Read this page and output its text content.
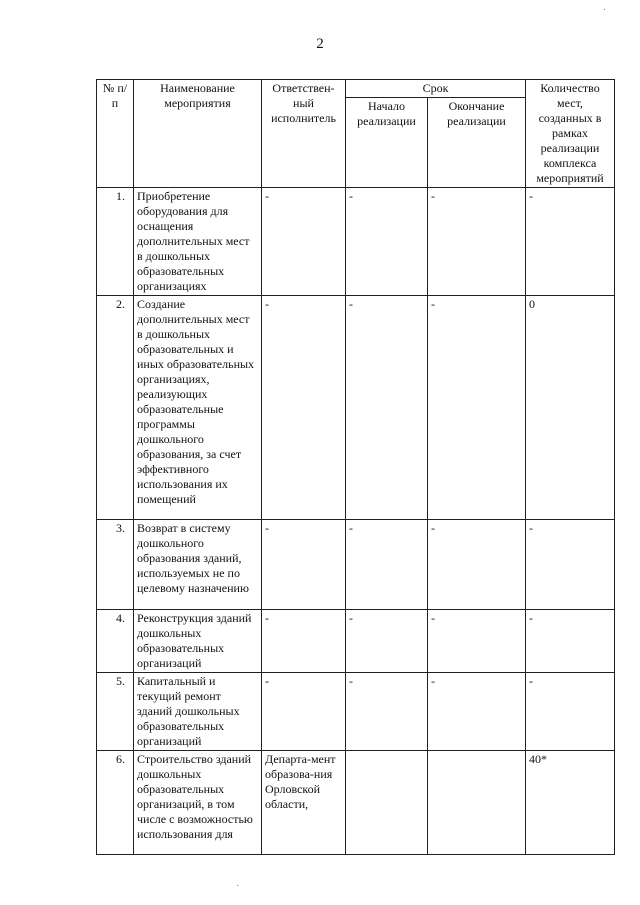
2
˙
˙
№ п/п	Наименование мероприятия	Ответствен-ный исполнитель	Срок		Количество мест, созданных в рамках реализации комплекса мероприятий
			Начало реализации	Окончание реализации	
1.	Приобретение оборудования для оснащения дополнительных мест в дошкольных образовательных организациях	-	-	-	-
2.	Создание дополнительных мест в дошкольных образовательных и иных образовательных организациях, реализующих образовательные программы дошкольного образования, за счет эффективного использования их помещений	-	-	-	0
3.	Возврат в систему дошкольного образования зданий, используемых не по целевому назначению	-	-	-	-
4.	Реконструкция зданий дошкольных образовательных организаций	-	-	-	-
5.	Капитальный и текущий ремонт зданий дошкольных образовательных организаций	-	-	-	-
6.	Строительство зданий дошкольных образовательных организаций, в том числе с возможностью использования для	Департа-мент образова-ния Орловской области,			40*
